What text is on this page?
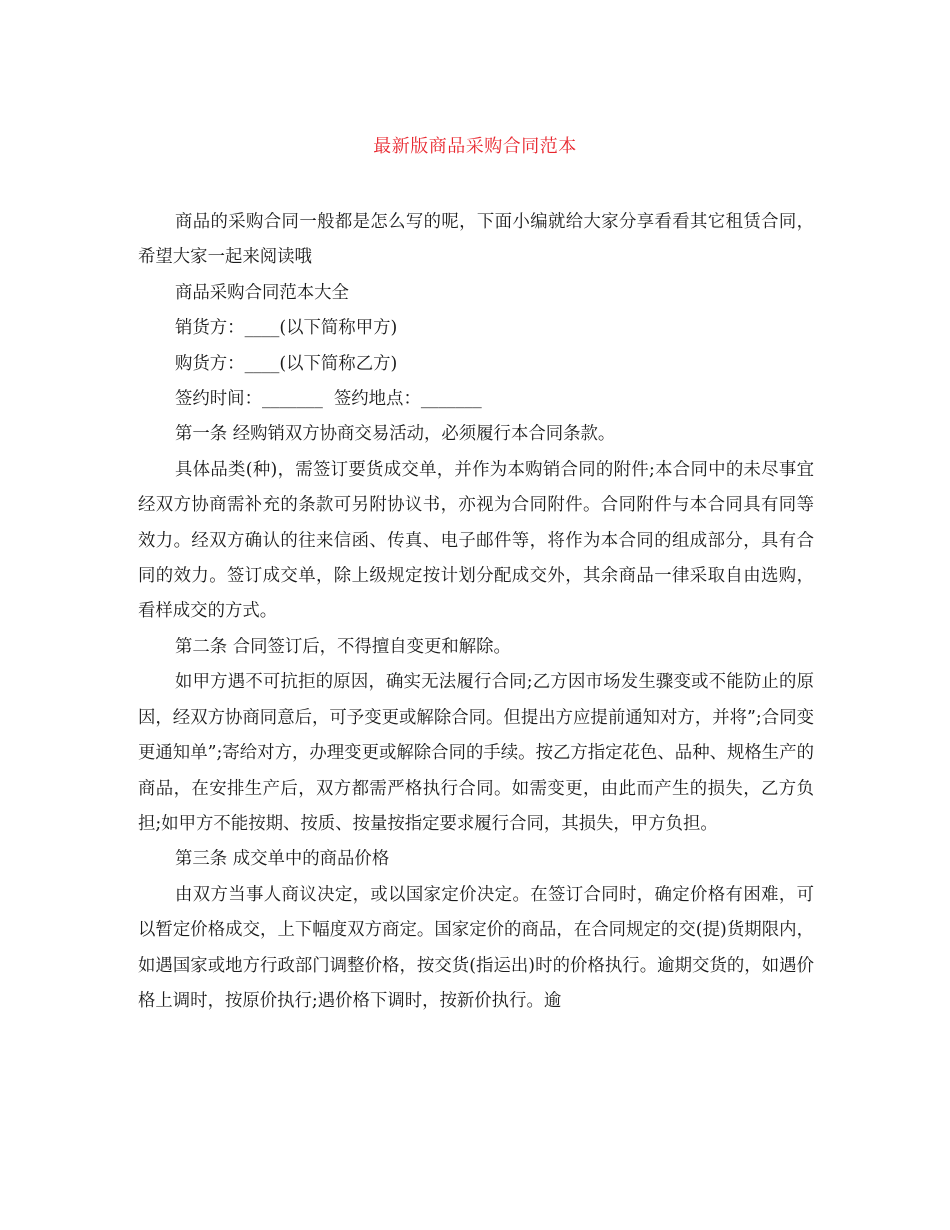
最新版商品采购合同范本

商品的采购合同一般都是怎么写的呢，下面小编就给大家分享看看其它租赁合同，希望大家一起来阅读哦

商品采购合同范本大全

销货方：____(以下简称甲方)

购货方：____(以下简称乙方)

签约时间：_______  签约地点：_______

第一条 经购销双方协商交易活动，必须履行本合同条款。

具体品类(种)，需签订要货成交单，并作为本购销合同的附件;本合同中的未尽事宜经双方协商需补充的条款可另附协议书，亦视为合同附件。合同附件与本合同具有同等效力。经双方确认的往来信函、传真、电子邮件等，将作为本合同的组成部分，具有合同的效力。签订成交单，除上级规定按计划分配成交外，其余商品一律采取自由选购，看样成交的方式。

第二条 合同签订后，不得擅自变更和解除。

如甲方遇不可抗拒的原因，确实无法履行合同;乙方因市场发生骤变或不能防止的原因，经双方协商同意后，可予变更或解除合同。但提出方应提前通知对方，并将”;合同变更通知单”;寄给对方，办理变更或解除合同的手续。按乙方指定花色、品种、规格生产的商品，在安排生产后，双方都需严格执行合同。如需变更，由此而产生的损失，乙方负担;如甲方不能按期、按质、按量按指定要求履行合同，其损失，甲方负担。

第三条 成交单中的商品价格

由双方当事人商议决定，或以国家定价决定。在签订合同时，确定价格有困难，可以暂定价格成交，上下幅度双方商定。国家定价的商品，在合同规定的交(提)货期限内，如遇国家或地方行政部门调整价格，按交货(指运出)时的价格执行。逾期交货的，如遇价格上调时，按原价执行;遇价格下调时，按新价执行。逾
